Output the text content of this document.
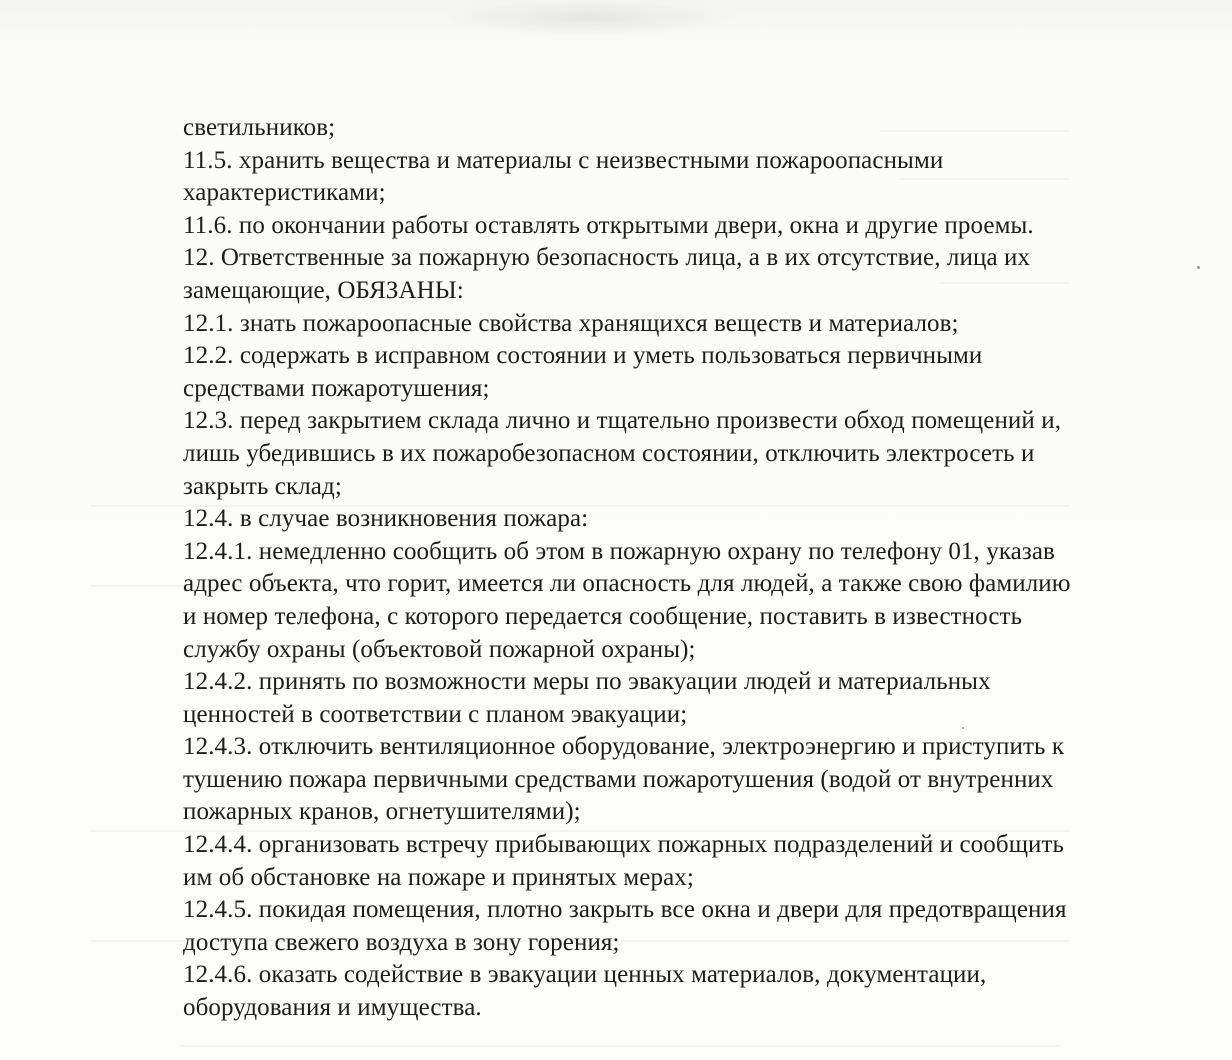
светильников;
11.5. хранить вещества и материалы с неизвестными пожароопасными
характеристиками;
11.6. по окончании работы оставлять открытыми двери, окна и другие проемы.
12. Ответственные за пожарную безопасность лица, а в их отсутствие, лица их
замещающие, ОБЯЗАНЫ:
12.1. знать пожароопасные свойства хранящихся веществ и материалов;
12.2. содержать в исправном состоянии и уметь пользоваться первичными
средствами пожаротушения;
12.3. перед закрытием склада лично и тщательно произвести обход помещений и,
лишь убедившись в их пожаробезопасном состоянии, отключить электросеть и
закрыть склад;
12.4. в случае возникновения пожара:
12.4.1. немедленно сообщить об этом в пожарную охрану по телефону 01, указав
адрес объекта, что горит, имеется ли опасность для людей, а также свою фамилию
и номер телефона, с которого передается сообщение, поставить в известность
службу охраны (объектовой пожарной охраны);
12.4.2. принять по возможности меры по эвакуации людей и материальных
ценностей в соответствии с планом эвакуации;
12.4.3. отключить вентиляционное оборудование, электроэнергию и приступить к
тушению пожара первичными средствами пожаротушения (водой от внутренних
пожарных кранов, огнетушителями);
12.4.4. организовать встречу прибывающих пожарных подразделений и сообщить
им об обстановке на пожаре и принятых мерах;
12.4.5. покидая помещения, плотно закрыть все окна и двери для предотвращения
доступа свежего воздуха в зону горения;
12.4.6. оказать содействие в эвакуации ценных материалов, документации,
оборудования и имущества.
